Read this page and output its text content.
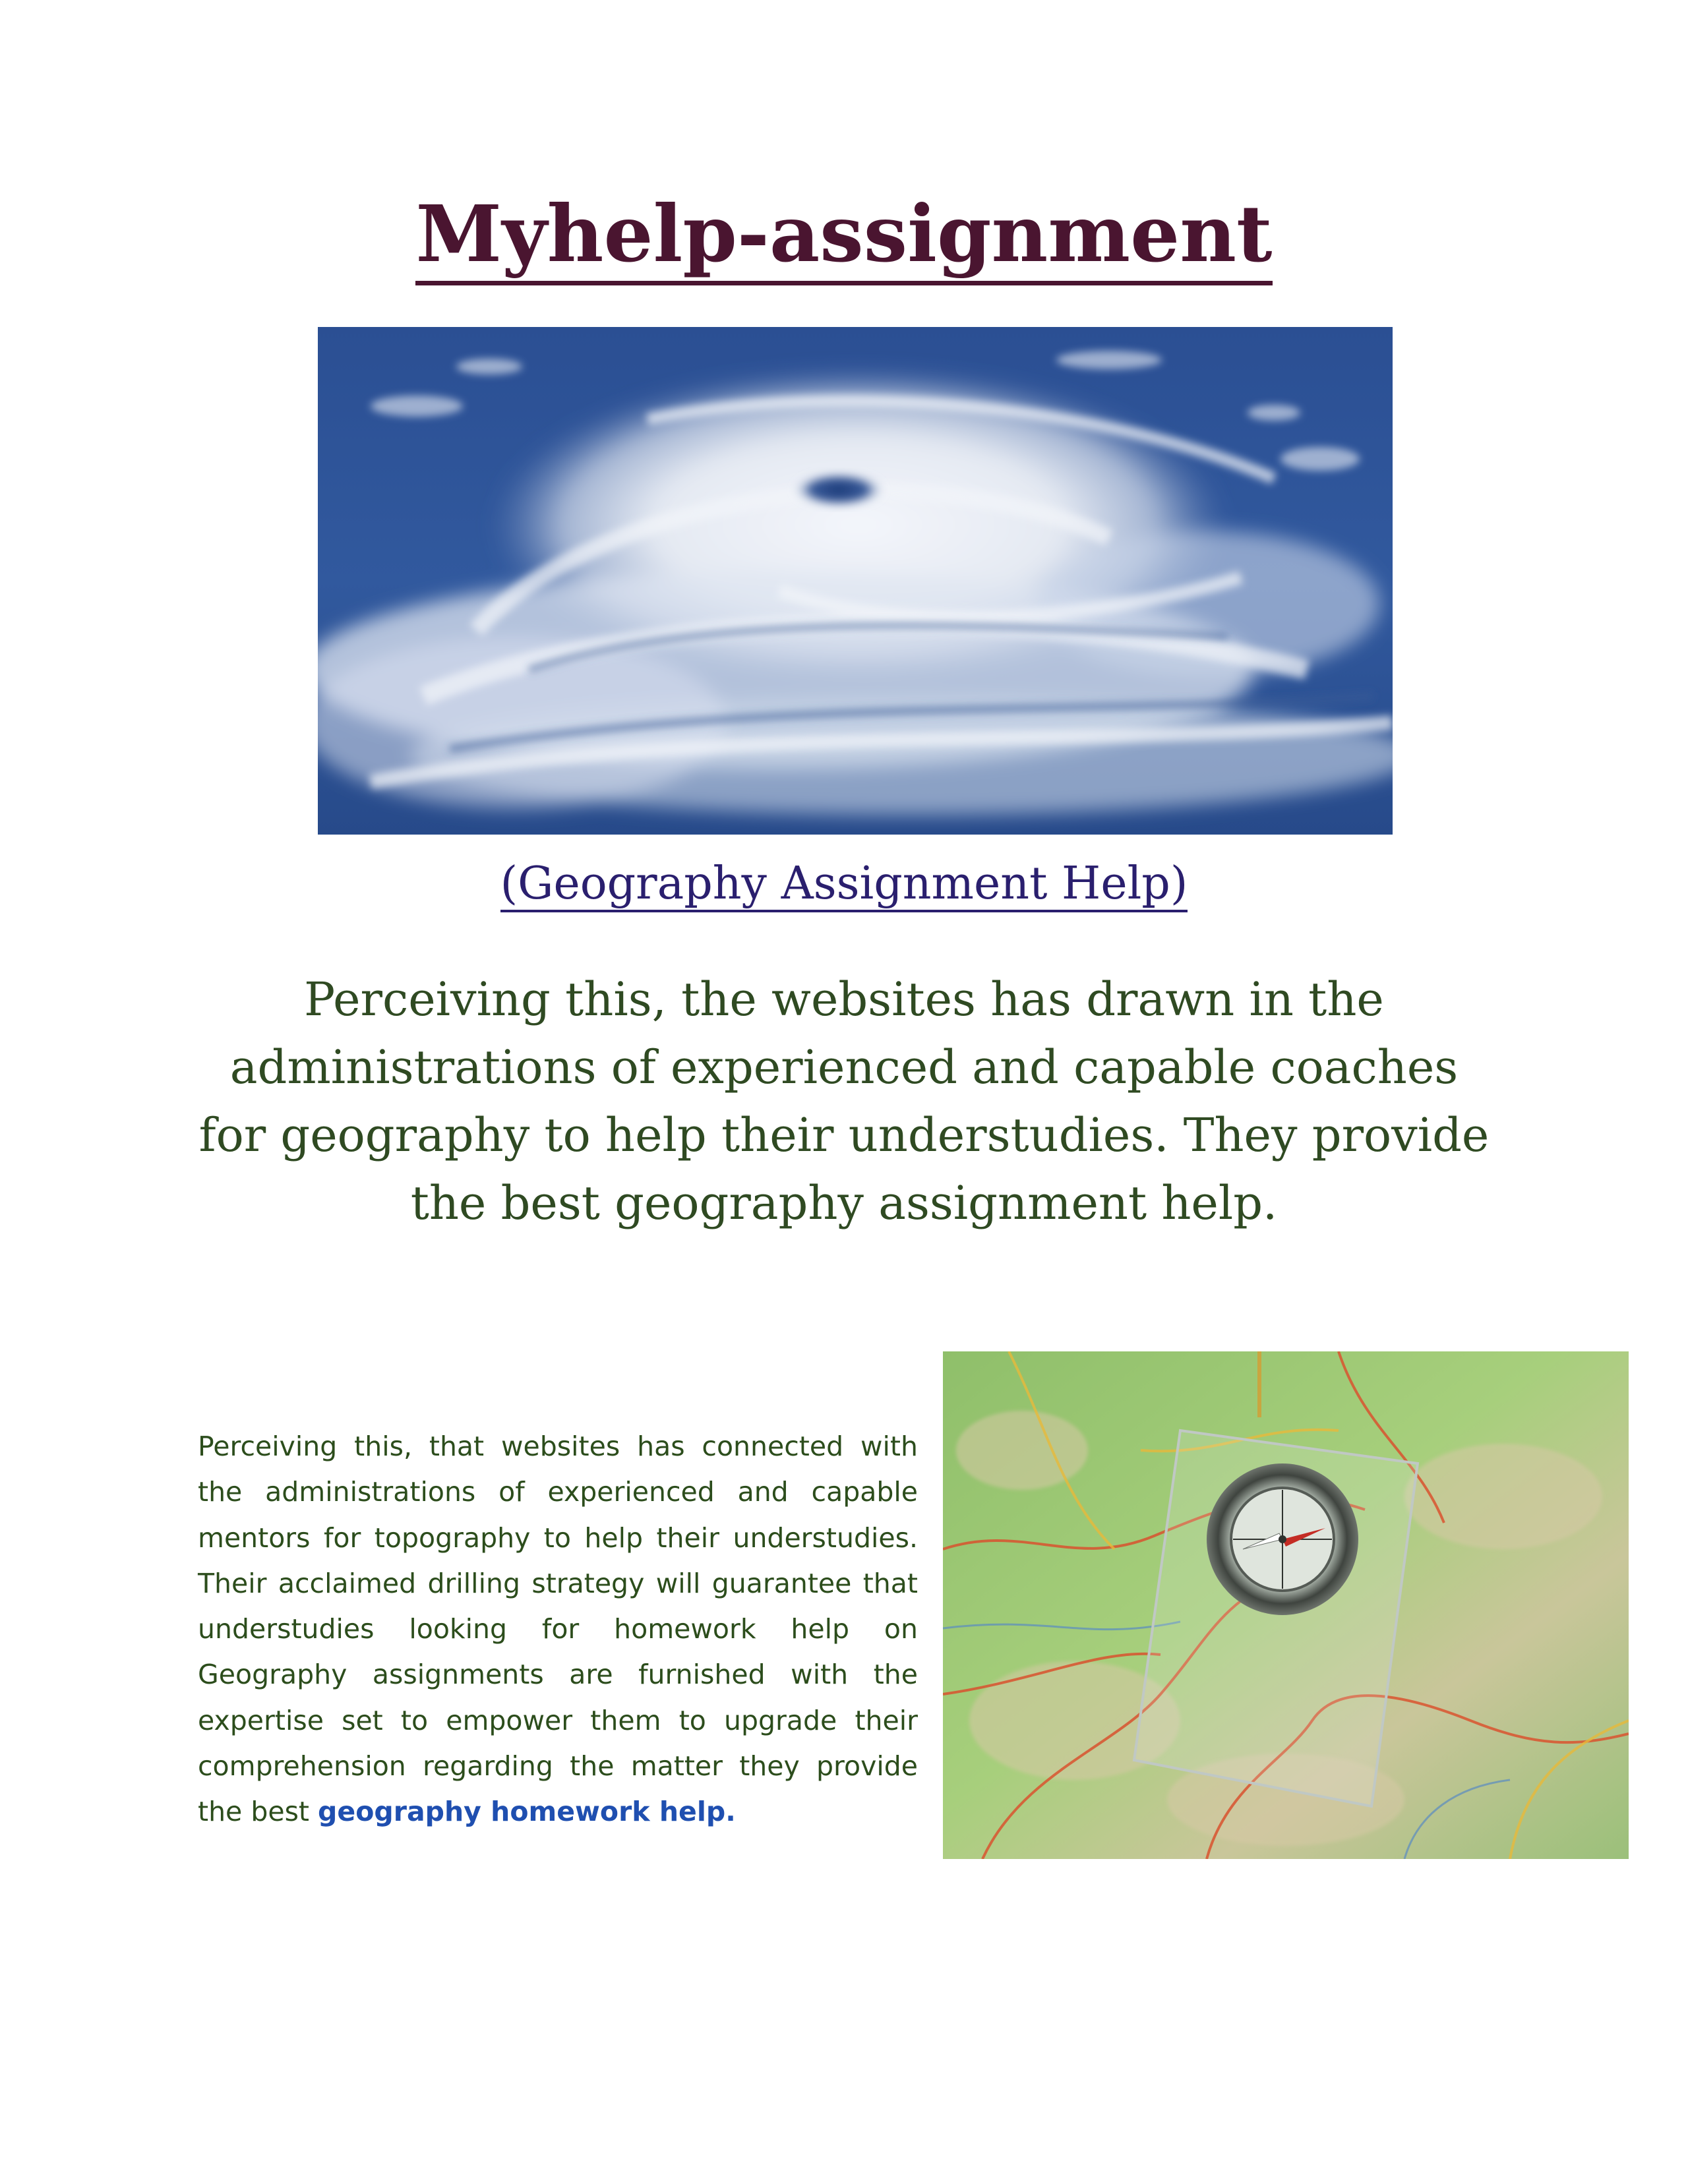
Myhelp-assignment
(Geography Assignment Help)

Perceiving this, the websites has drawn in the administrations of experienced and capable coaches for geography to help their understudies. They provide the best geography assignment help.

Perceiving this, that websites has connected with the administrations of experienced and capable mentors for topography to help their understudies. Their acclaimed drilling strategy will guarantee that understudies looking for homework help on Geography assignments are furnished with the expertise set to empower them to upgrade their comprehension regarding the matter they provide the best geography homework help.
